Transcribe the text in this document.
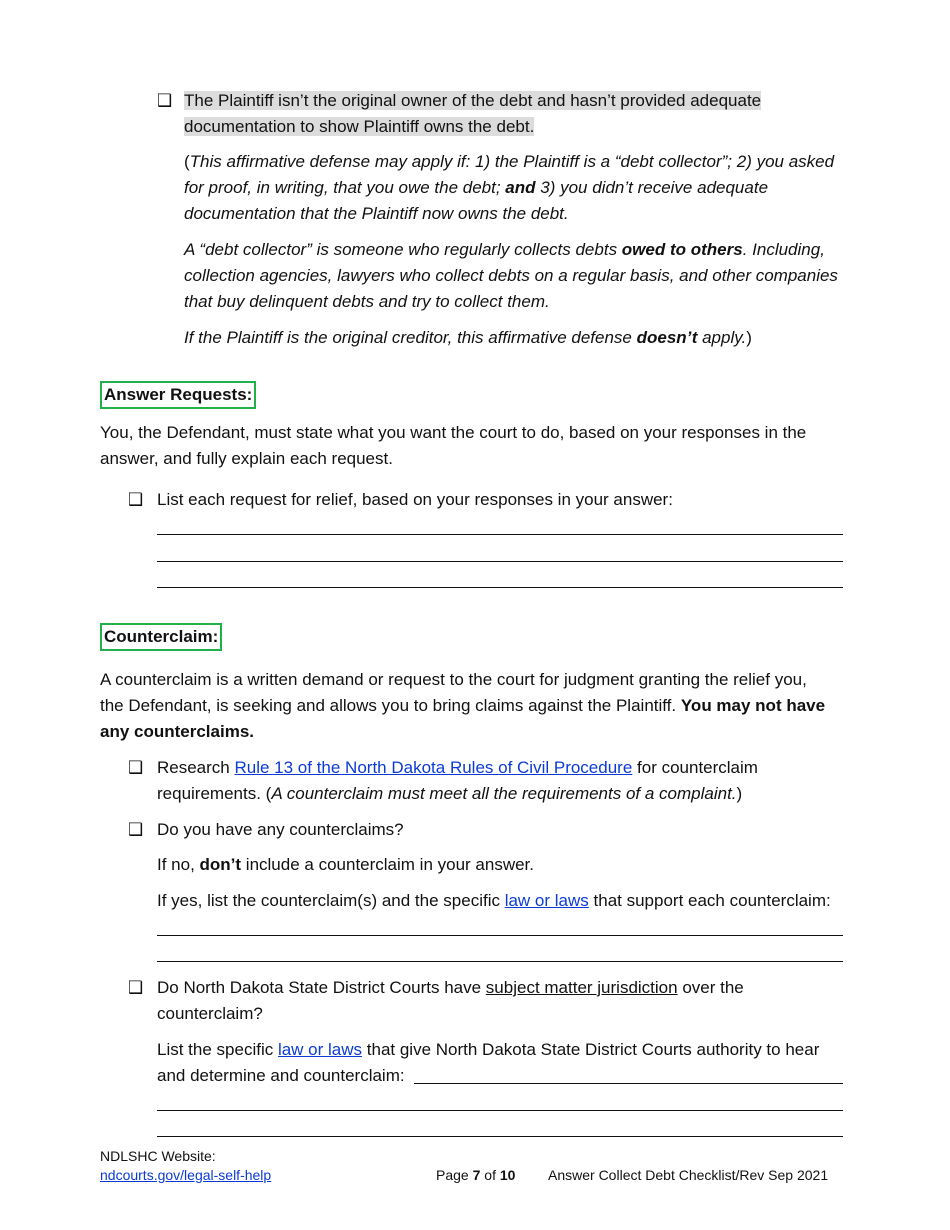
❑ The Plaintiff isn’t the original owner of the debt and hasn’t provided adequate
documentation to show Plaintiff owns the debt.
(This affirmative defense may apply if: 1) the Plaintiff is a “debt collector”; 2) you asked
for proof, in writing, that you owe the debt; and 3) you didn’t receive adequate
documentation that the Plaintiff now owns the debt.
A “debt collector” is someone who regularly collects debts owed to others. Including,
collection agencies, lawyers who collect debts on a regular basis, and other companies
that buy delinquent debts and try to collect them.
If the Plaintiff is the original creditor, this affirmative defense doesn’t apply.)
Answer Requests:
You, the Defendant, must state what you want the court to do, based on your responses in the
answer, and fully explain each request.
❑ List each request for relief, based on your responses in your answer:
Counterclaim:
A counterclaim is a written demand or request to the court for judgment granting the relief you,
the Defendant, is seeking and allows you to bring claims against the Plaintiff. You may not have
any counterclaims.
❑ Research Rule 13 of the North Dakota Rules of Civil Procedure for counterclaim
requirements. (A counterclaim must meet all the requirements of a complaint.)
❑ Do you have any counterclaims?
If no, don’t include a counterclaim in your answer.
If yes, list the counterclaim(s) and the specific law or laws that support each counterclaim:
❑ Do North Dakota State District Courts have subject matter jurisdiction over the
counterclaim?
List the specific law or laws that give North Dakota State District Courts authority to hear
and determine and counterclaim:
NDLSHC Website:
ndcourts.gov/legal-self-help	Page 7 of 10 Answer Collect Debt Checklist/Rev Sep 2021
